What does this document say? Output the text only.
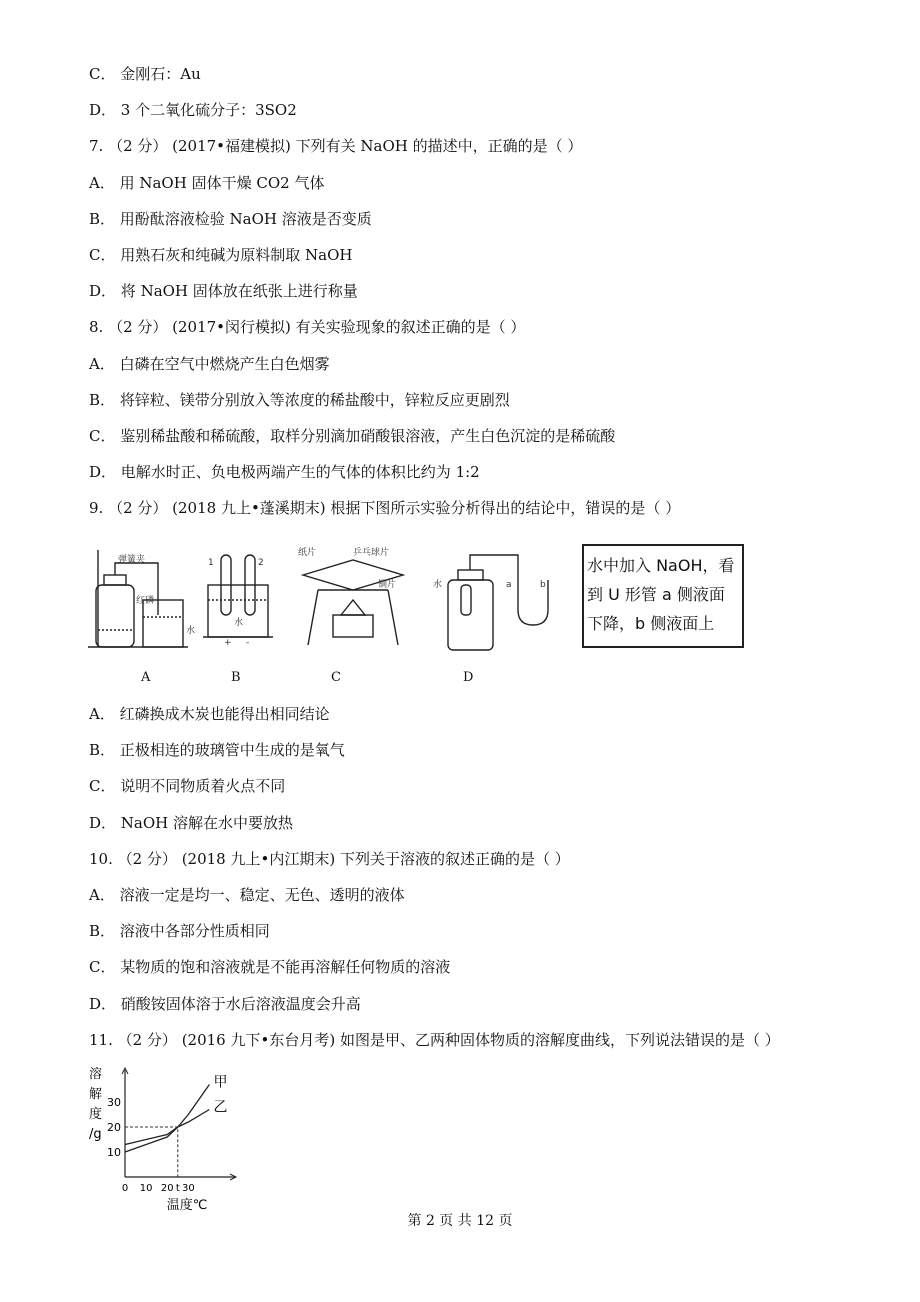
C． 金刚石：Au
D． 3 个二氧化硫分子：3SO2
7. （2 分） (2017•福建模拟) 下列有关 NaOH 的描述中，正确的是（ ）
A． 用 NaOH 固体干燥 CO2 气体
B． 用酚酞溶液检验 NaOH 溶液是否变质
C． 用熟石灰和纯碱为原料制取 NaOH
D． 将 NaOH 固体放在纸张上进行称量
8. （2 分） (2017•闵行模拟) 有关实验现象的叙述正确的是（ ）
A． 白磷在空气中燃烧产生白色烟雾
B． 将锌粒、镁带分别放入等浓度的稀盐酸中，锌粒反应更剧烈
C． 鉴别稀盐酸和稀硫酸，取样分别滴加硝酸银溶液，产生白色沉淀的是稀硫酸
D． 电解水时正、负电极两端产生的气体的体积比约为 1:2
9. （2 分） (2018 九上•蓬溪期末) 根据下图所示实验分析得出的结论中，错误的是（ ）
弹簧夹
红磷
水
1	2
水
+ -
纸片	乒乓球片
铜片	水	a	b
水中加入 NaOH，看
到 U 形管 a 侧液面
下降，b 侧液面上
A	B	C	D
A． 红磷换成木炭也能得出相同结论
B． 正极相连的玻璃管中生成的是氧气
C． 说明不同物质着火点不同
D． NaOH 溶解在水中要放热
10. （2 分） (2018 九上•内江期末) 下列关于溶液的叙述正确的是（ ）
A． 溶液一定是均一、稳定、无色、透明的液体
B． 溶液中各部分性质相同
C． 某物质的饱和溶液就是不能再溶解任何物质的溶液
D． 硝酸铵固体溶于水后溶液温度会升高
11. （2 分） (2016 九下•东台月考) 如图是甲、乙两种固体物质的溶解度曲线，下列说法错误的是（ ）
10
20
30
0 10 20 t 30
甲
乙
溶
解
度
/g
温度℃
第 2 页 共 12 页
